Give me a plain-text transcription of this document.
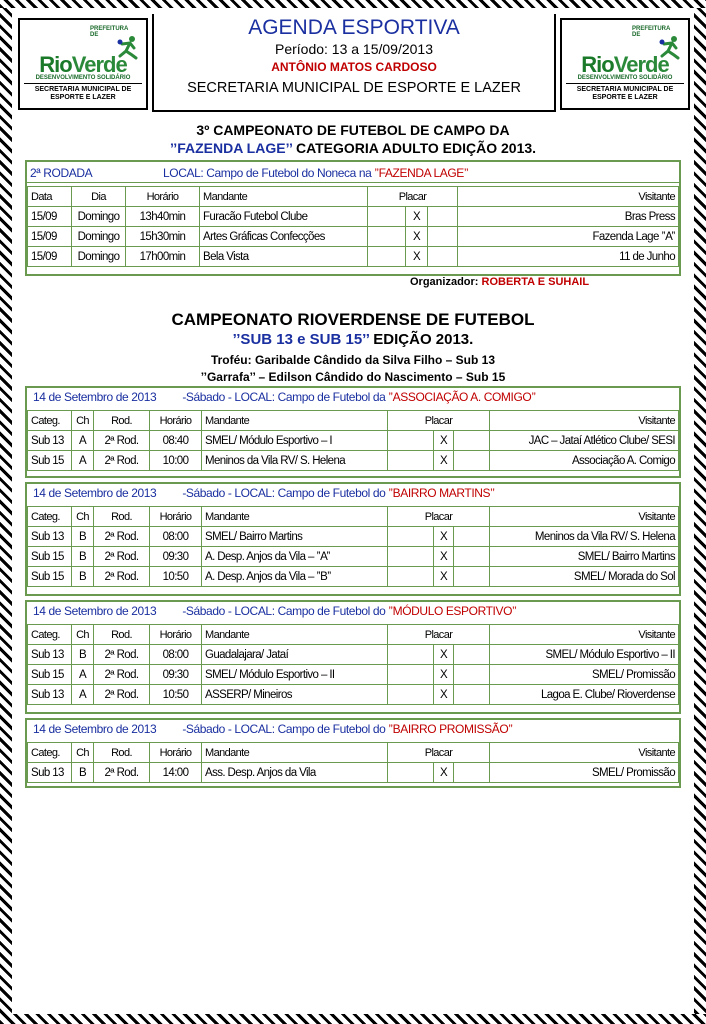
PREFEITURA DE
RioVerde
DESENVOLVIMENTO SOLIDÁRIO
SECRETARIA MUNICIPAL DE ESPORTE E LAZER
AGENDA ESPORTIVA
Período: 13 a 15/09/2013
ANTÔNIO MATOS CARDOSO
SECRETARIA MUNICIPAL DE ESPORTE E LAZER
PREFEITURA DE
RioVerde
DESENVOLVIMENTO SOLIDÁRIO
SECRETARIA MUNICIPAL DE ESPORTE E LAZER
3º CAMPEONATO DE FUTEBOL DE CAMPO DA
’’FAZENDA LAGE’’ CATEGORIA ADULTO EDIÇÃO 2013.
2ª RODADA	LOCAL: Campo de Futebol do Noneca na ’’FAZENDA LAGE’’
Data	Dia	Horário	Mandante	Placar			Visitante
15/09	Domingo	13h40min	Furacão Futebol Clube		X		Bras Press
15/09	Domingo	15h30min	Artes Gráficas Confecções		X		Fazenda Lage ’’A’’
15/09	Domingo	17h00min	Bela Vista		X		11 de Junho
Organizador: ROBERTA E SUHAIL
CAMPEONATO RIOVERDENSE DE FUTEBOL
’’SUB 13 e SUB 15’’ EDIÇÃO 2013.
Troféu: Garibalde Cândido da Silva Filho – Sub 13
’’Garrafa’’ – Edilson Cândido do Nascimento – Sub 15
14 de Setembro de 2013 -Sábado - LOCAL: Campo de Futebol da ’’ASSOCIAÇÃO A. COMIGO’’
Categ.	Ch	Rod.	Horário	Mandante	Placar			Visitante
Sub 13	A	2ª Rod.	08:40	SMEL/ Módulo Esportivo – I		X		JAC – Jataí Atlético Clube/ SESI
Sub 15	A	2ª Rod.	10:00	Meninos da Vila RV/ S. Helena		X		Associação A. Comigo
14 de Setembro de 2013 -Sábado - LOCAL: Campo de Futebol do ’’BAIRRO MARTINS’’
Categ.	Ch	Rod.	Horário	Mandante	Placar			Visitante
Sub 13	B	2ª Rod.	08:00	SMEL/ Bairro Martins		X		Meninos da Vila RV/ S. Helena
Sub 15	B	2ª Rod.	09:30	A. Desp. Anjos da Vila – ’’A’’		X		SMEL/ Bairro Martins
Sub 15	B	2ª Rod.	10:50	A. Desp. Anjos da Vila – ’’B’’		X		SMEL/ Morada do Sol
14 de Setembro de 2013 -Sábado - LOCAL: Campo de Futebol do ’’MÓDULO ESPORTIVO’’
Categ.	Ch	Rod.	Horário	Mandante	Placar			Visitante
Sub 13	B	2ª Rod.	08:00	Guadalajara/ Jataí		X		SMEL/ Módulo Esportivo – II
Sub 15	A	2ª Rod.	09:30	SMEL/ Módulo Esportivo – II		X		SMEL/ Promissão
Sub 13	A	2ª Rod.	10:50	ASSERP/ Mineiros		X		Lagoa E. Clube/ Rioverdense
14 de Setembro de 2013 -Sábado - LOCAL: Campo de Futebol do ’’BAIRRO PROMISSÃO’’
Categ.	Ch	Rod.	Horário	Mandante	Placar			Visitante
Sub 13	B	2ª Rod.	14:00	Ass. Desp. Anjos da Vila		X		SMEL/ Promissão
